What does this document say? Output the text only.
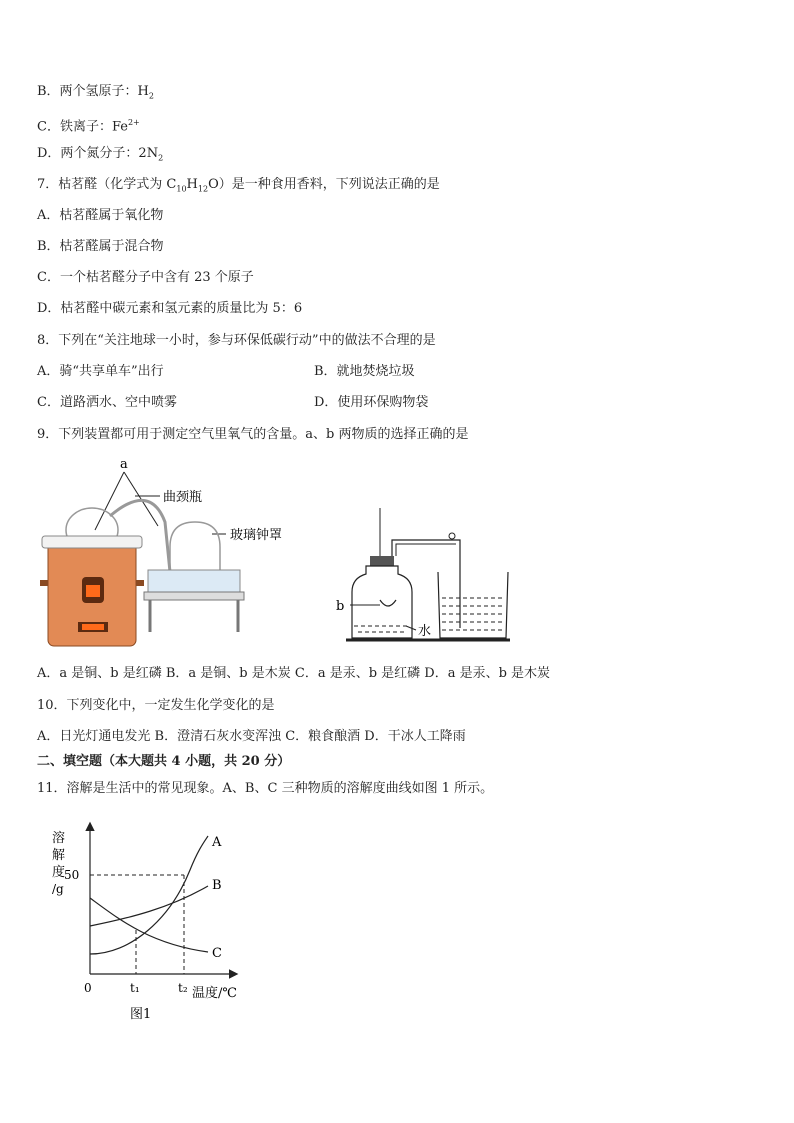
B．两个氢原子：$H_2$
C．铁离子：$Fe^{2+}$
D．两个氮分子：$2N_2$
7．枯茗醛（化学式为 $C_{10}H_{12}O$）是一种食用香料，下列说法正确的是
A．枯茗醛属于氧化物
B．枯茗醛属于混合物
C．一个枯茗醛分子中含有 23 个原子
D．枯茗醛中碳元素和氢元素的质量比为 5：6
8．下列在“关注地球一小时，参与环保低碳行动”中的做法不合理的是
A．骑“共享单车”出行	B．就地焚烧垃圾
C．道路洒水、空中喷雾	D．使用环保购物袋
9．下列装置都可用于测定空气里氧气的含量。a、b 两物质的选择正确的是
a
曲颈瓶
玻璃钟罩
b
水
A．a 是铜、b 是红磷 B．a 是铜、b 是木炭 C．a 是汞、b 是红磷 D．a 是汞、b 是木炭
10．下列变化中，一定发生化学变化的是
A．日光灯通电发光 B．澄清石灰水变浑浊 C．粮食酿酒 D．干冰人工降雨
二、填空题（本大题共 4 小题，共 20 分）
11．溶解是生活中的常见现象。A、B、C 三种物质的溶解度曲线如图 1 所示。
溶
解
度
/g
50
A
B
C
0	t₁	t₂ 温度/℃
图1
